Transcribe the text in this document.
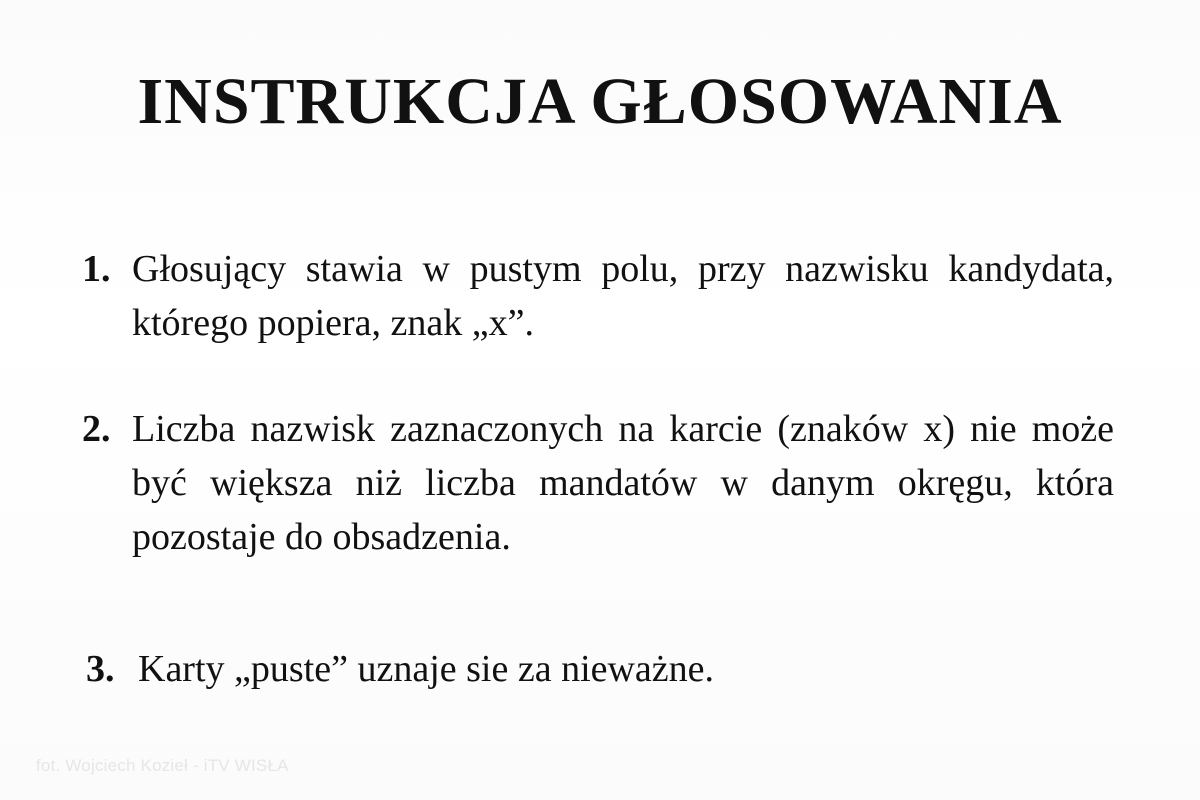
INSTRUKCJA GŁOSOWANIA
1. Głosujący stawia w pustym polu, przy nazwisku kandydata, którego popiera, znak „x”.
2. Liczba nazwisk zaznaczonych na karcie (znaków x) nie może być większa niż liczba mandatów w danym okręgu, która pozostaje do obsadzenia.
3. Karty „puste” uznaje sie za nieważne.
fot. Wojciech Kozieł - iTV WISŁA
